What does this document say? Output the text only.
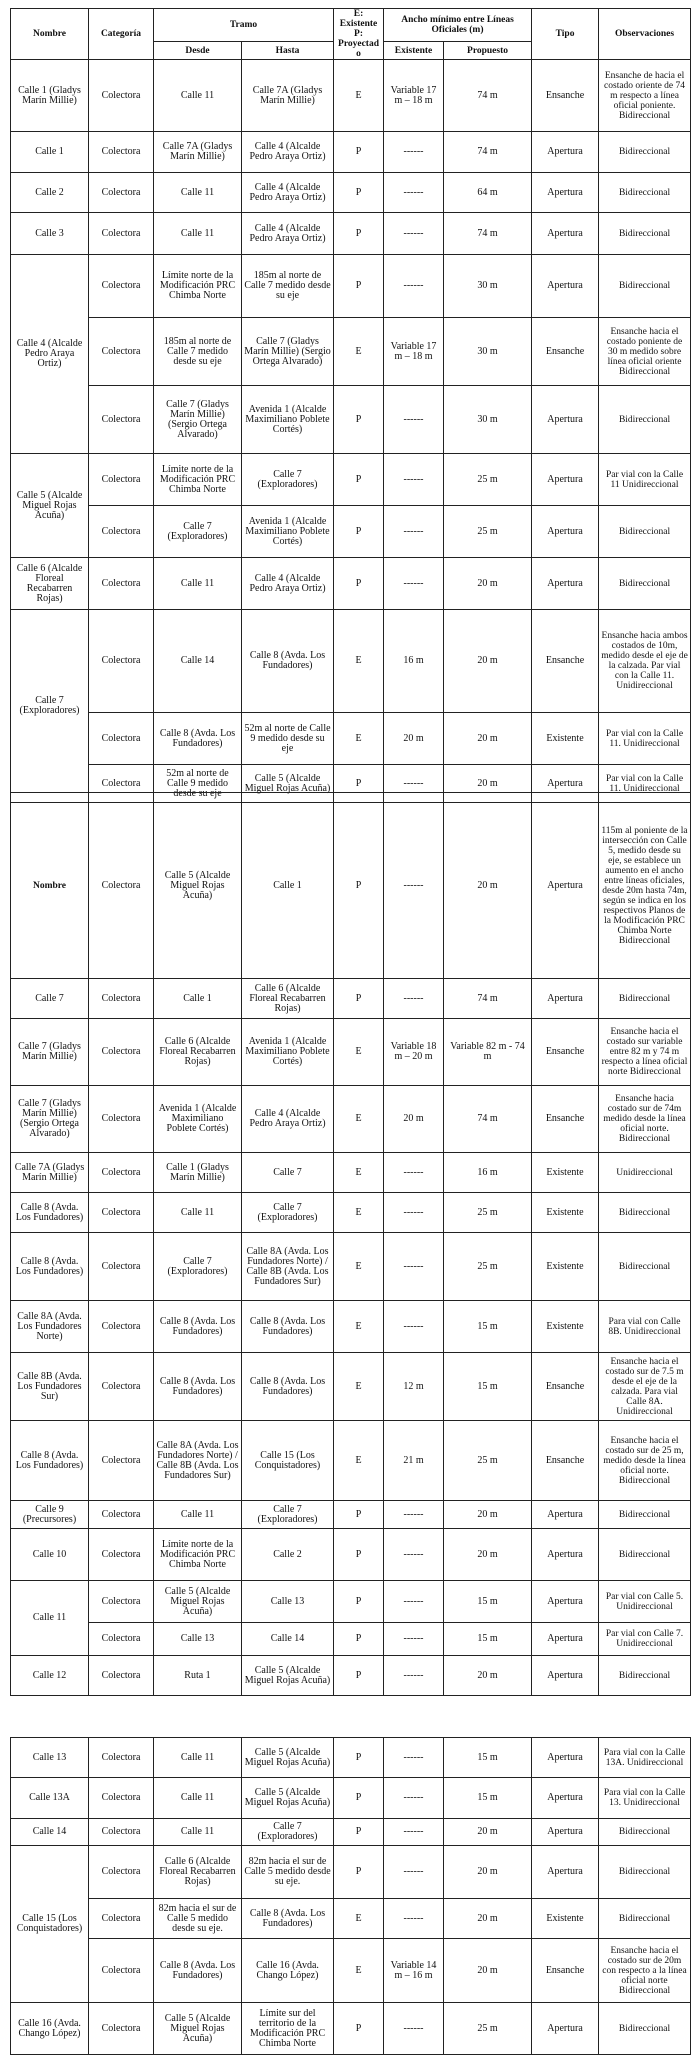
Nombre	Categoría	Tramo		E: Existente P: Proyectado	Ancho mínimo entre Líneas Oficiales (m)		Tipo	Observaciones
		Desde	Hasta		Existente	Propuesto		
Calle 1 (Gladys Marín Millie)	Colectora	Calle 11	Calle 7A (Gladys Marín Millie)	E	Variable 17 m – 18 m	74 m	Ensanche	Ensanche de hacia el costado oriente de 74 m respecto a línea oficial poniente. Bidireccional
Calle 1	Colectora	Calle 7A (Gladys Marín Millie)	Calle 4 (Alcalde Pedro Araya Ortiz)	P	------	74 m	Apertura	Bidireccional
Calle 2	Colectora	Calle 11	Calle 4 (Alcalde Pedro Araya Ortiz)	P	------	64 m	Apertura	Bidireccional
Calle 3	Colectora	Calle 11	Calle 4 (Alcalde Pedro Araya Ortiz)	P	------	74 m	Apertura	Bidireccional
Calle 4 (Alcalde Pedro Araya Ortiz)	Colectora	Límite norte de la Modificación PRC Chimba Norte	185m al norte de Calle 7 medido desde su eje	P	------	30 m	Apertura	Bidireccional
	Colectora	185m al norte de Calle 7 medido desde su eje	Calle 7 (Gladys Marín Millie) (Sergio Ortega Alvarado)	E	Variable 17 m – 18 m	30 m	Ensanche	Ensanche hacia el costado poniente de 30 m medido sobre línea oficial oriente Bidireccional
	Colectora	Calle 7 (Gladys Marín Millie) (Sergio Ortega Alvarado)	Avenida 1 (Alcalde Maximiliano Poblete Cortés)	P	------	30 m	Apertura	Bidireccional
Calle 5 (Alcalde Miguel Rojas Acuña)	Colectora	Límite norte de la Modificación PRC Chimba Norte	Calle 7 (Exploradores)	P	------	25 m	Apertura	Par vial con la Calle 11 Unidireccional
	Colectora	Calle 7 (Exploradores)	Avenida 1 (Alcalde Maximiliano Poblete Cortés)	P	------	25 m	Apertura	Bidireccional
Calle 6 (Alcalde Floreal Recabarren Rojas)	Colectora	Calle 11	Calle 4 (Alcalde Pedro Araya Ortiz)	P	------	20 m	Apertura	Bidireccional
Calle 7 (Exploradores)	Colectora	Calle 14	Calle 8 (Avda. Los Fundadores)	E	16 m	20 m	Ensanche	Ensanche hacia ambos costados de 10m, medido desde el eje de la calzada. Par vial con la Calle 11. Unidireccional
	Colectora	Calle 8 (Avda. Los Fundadores)	52m al norte de Calle 9 medido desde su eje	E	20 m	20 m	Existente	Par vial con la Calle 11. Unidireccional
	Colectora	52m al norte de Calle 9 medido desde su eje	Calle 5 (Alcalde Miguel Rojas Acuña)	P	------	20 m	Apertura	Par vial con la Calle 11. Unidireccional
Nombre	Colectora	Calle 5 (Alcalde Miguel Rojas Acuña)	Calle 1	P	------	20 m	Apertura	115m al poniente de la intersección con Calle 5, medido desde su eje, se establece un aumento en el ancho entre líneas oficiales, desde 20m hasta 74m, según se indica en los respectivos Planos de la Modificación PRC Chimba Norte Bidireccional
Calle 7	Colectora	Calle 1	Calle 6 (Alcalde Floreal Recabarren Rojas)	P	------	74 m	Apertura	Bidireccional
Calle 7 (Gladys Marín Millie)	Colectora	Calle 6 (Alcalde Floreal Recabarren Rojas)	Avenida 1 (Alcalde Maximiliano Poblete Cortés)	E	Variable 18 m – 20 m	Variable 82 m - 74 m	Ensanche	Ensanche hacia el costado sur variable entre 82 m y 74 m respecto a línea oficial norte Bidireccional
Calle 7 (Gladys Marín Millie) (Sergio Ortega Alvarado)	Colectora	Avenida 1 (Alcalde Maximiliano Poblete Cortés)	Calle 4 (Alcalde Pedro Araya Ortiz)	E	20 m	74 m	Ensanche	Ensanche hacia costado sur de 74m medido desde la línea oficial norte. Bidireccional
Calle 7A (Gladys Marín Millie)	Colectora	Calle 1 (Gladys Marín Millie)	Calle 7	E	------	16 m	Existente	Unidireccional
Calle 8 (Avda. Los Fundadores)	Colectora	Calle 11	Calle 7 (Exploradores)	E	------	25 m	Existente	Bidireccional
Calle 8 (Avda. Los Fundadores)	Colectora	Calle 7 (Exploradores)	Calle 8A (Avda. Los Fundadores Norte) / Calle 8B (Avda. Los Fundadores Sur)	E	------	25 m	Existente	Bidireccional
Calle 8A (Avda. Los Fundadores Norte)	Colectora	Calle 8 (Avda. Los Fundadores)	Calle 8 (Avda. Los Fundadores)	E	------	15 m	Existente	Para vial con Calle 8B. Unidireccional
Calle 8B (Avda. Los Fundadores Sur)	Colectora	Calle 8 (Avda. Los Fundadores)	Calle 8 (Avda. Los Fundadores)	E	12 m	15 m	Ensanche	Ensanche hacia el costado sur de 7.5 m desde el eje de la calzada. Para vial Calle 8A. Unidireccional
Calle 8 (Avda. Los Fundadores)	Colectora	Calle 8A (Avda. Los Fundadores Norte) / Calle 8B (Avda. Los Fundadores Sur)	Calle 15 (Los Conquistadores)	E	21 m	25 m	Ensanche	Ensanche hacia el costado sur de 25 m, medido desde la línea oficial norte. Bidireccional
Calle 9 (Precursores)	Colectora	Calle 11	Calle 7 (Exploradores)	P	------	20 m	Apertura	Bidireccional
Calle 10	Colectora	Límite norte de la Modificación PRC Chimba Norte	Calle 2	P	------	20 m	Apertura	Bidireccional
Calle 11	Colectora	Calle 5 (Alcalde Miguel Rojas Acuña)	Calle 13	P	------	15 m	Apertura	Par vial con Calle 5. Unidireccional
	Colectora	Calle 13	Calle 14	P	------	15 m	Apertura	Par vial con Calle 7. Unidireccional
Calle 12	Colectora	Ruta 1	Calle 5 (Alcalde Miguel Rojas Acuña)	P	------	20 m	Apertura	Bidireccional
Calle 13	Colectora	Calle 11	Calle 5 (Alcalde Miguel Rojas Acuña)	P	------	15 m	Apertura	Para vial con la Calle 13A. Unidireccional
Calle 13A	Colectora	Calle 11	Calle 5 (Alcalde Miguel Rojas Acuña)	P	------	15 m	Apertura	Para vial con la Calle 13. Unidireccional
Calle 14	Colectora	Calle 11	Calle 7 (Exploradores)	P	------	20 m	Apertura	Bidireccional
Calle 15 (Los Conquistadores)	Colectora	Calle 6 (Alcalde Floreal Recabarren Rojas)	82m hacia el sur de Calle 5 medido desde su eje.	P	------	20 m	Apertura	Bidireccional
	Colectora	82m hacia el sur de Calle 5 medido desde su eje.	Calle 8 (Avda. Los Fundadores)	E	------	20 m	Existente	Bidireccional
	Colectora	Calle 8 (Avda. Los Fundadores)	Calle 16 (Avda. Chango López)	E	Variable 14 m – 16 m	20 m	Ensanche	Ensanche hacia el costado sur de 20m con respecto a la línea oficial norte Bidireccional
Calle 16 (Avda. Chango López)	Colectora	Calle 5 (Alcalde Miguel Rojas Acuña)	Límite sur del territorio de la Modificación PRC Chimba Norte	P	------	25 m	Apertura	Bidireccional
